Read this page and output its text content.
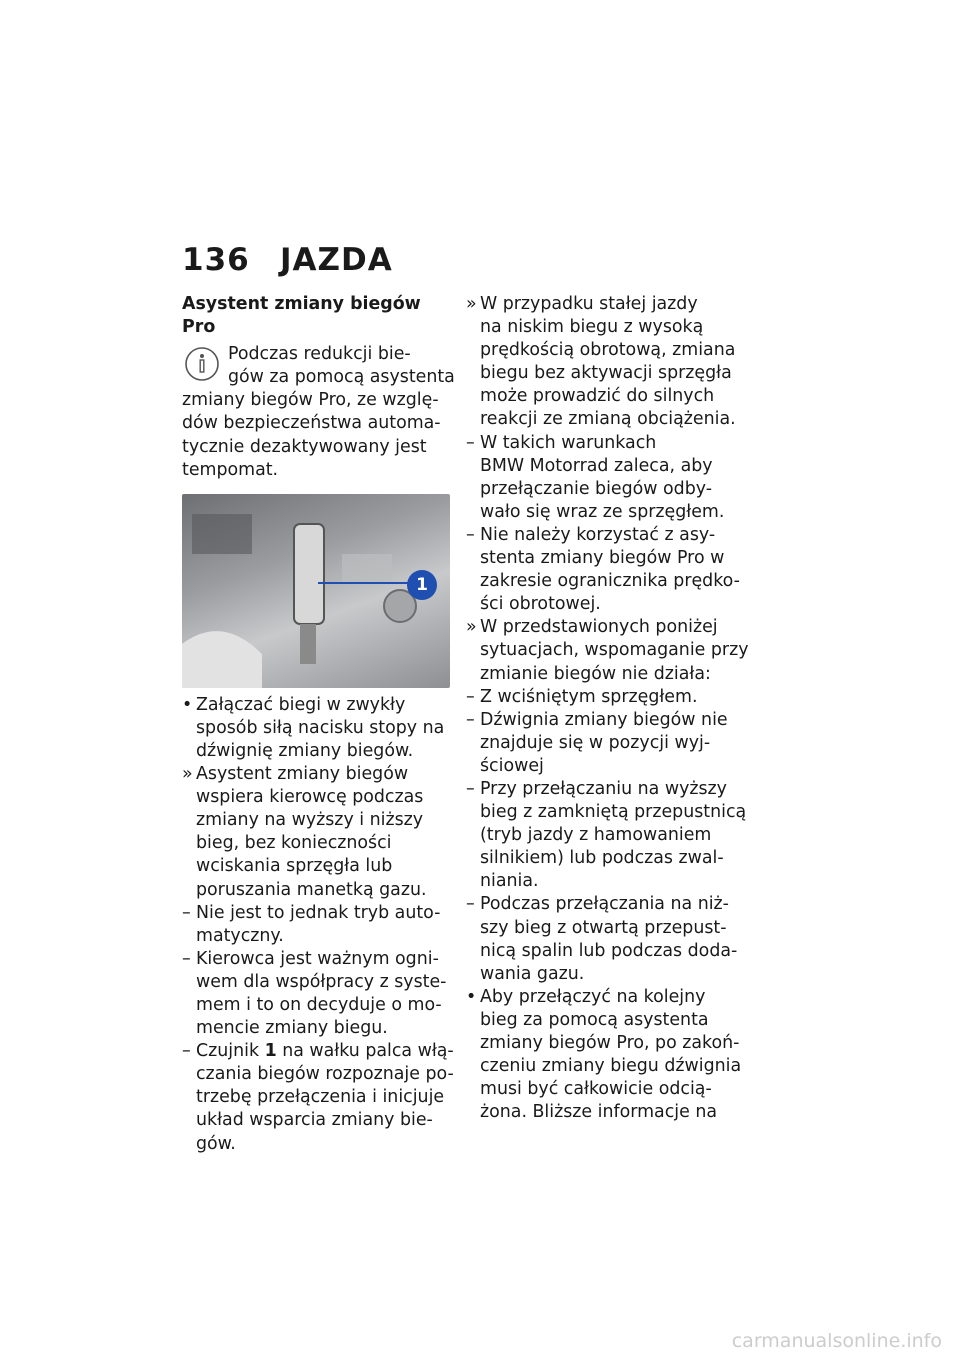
136 JAZDA
Asystent zmiany biegów Pro
Podczas redukcji bie-
gów za pomocą asystenta
zmiany biegów Pro, ze wzglę-
dów bezpieczeństwa automa-
tycznie dezaktywowany jest
tempomat.
1
• Załączać biegi w zwykły
sposób siłą nacisku stopy na
dźwignię zmiany biegów.
» Asystent zmiany biegów
wspiera kierowcę podczas
zmiany na wyższy i niższy
bieg, bez konieczności
wciskania sprzęgła lub
poruszania manetką gazu.
– Nie jest to jednak tryb auto-
matyczny.
– Kierowca jest ważnym ogni-
wem dla współpracy z syste-
mem i to on decyduje o mo-
mencie zmiany biegu.
– Czujnik 1 na wałku palca włą-
czania biegów rozpoznaje po-
trzebę przełączenia i inicjuje
układ wsparcia zmiany bie-
gów.
» W przypadku stałej jazdy
na niskim biegu z wysoką
prędkością obrotową, zmiana
biegu bez aktywacji sprzęgła
może prowadzić do silnych
reakcji ze zmianą obciążenia.
– W takich warunkach
BMW Motorrad zaleca, aby
przełączanie biegów odby-
wało się wraz ze sprzęgłem.
– Nie należy korzystać z asy-
stenta zmiany biegów Pro w
zakresie ogranicznika prędko-
ści obrotowej.
» W przedstawionych poniżej
sytuacjach, wspomaganie przy
zmianie biegów nie działa:
– Z wciśniętym sprzęgłem.
– Dźwignia zmiany biegów nie
znajduje się w pozycji wyj-
ściowej
– Przy przełączaniu na wyższy
bieg z zamkniętą przepustnicą
(tryb jazdy z hamowaniem
silnikiem) lub podczas zwal-
niania.
– Podczas przełączania na niż-
szy bieg z otwartą przepust-
nicą spalin lub podczas doda-
wania gazu.
• Aby przełączyć na kolejny
bieg za pomocą asystenta
zmiany biegów Pro, po zakoń-
czeniu zmiany biegu dźwignia
musi być całkowicie odcią-
żona. Bliższe informacje na
carmanualsonline.info
